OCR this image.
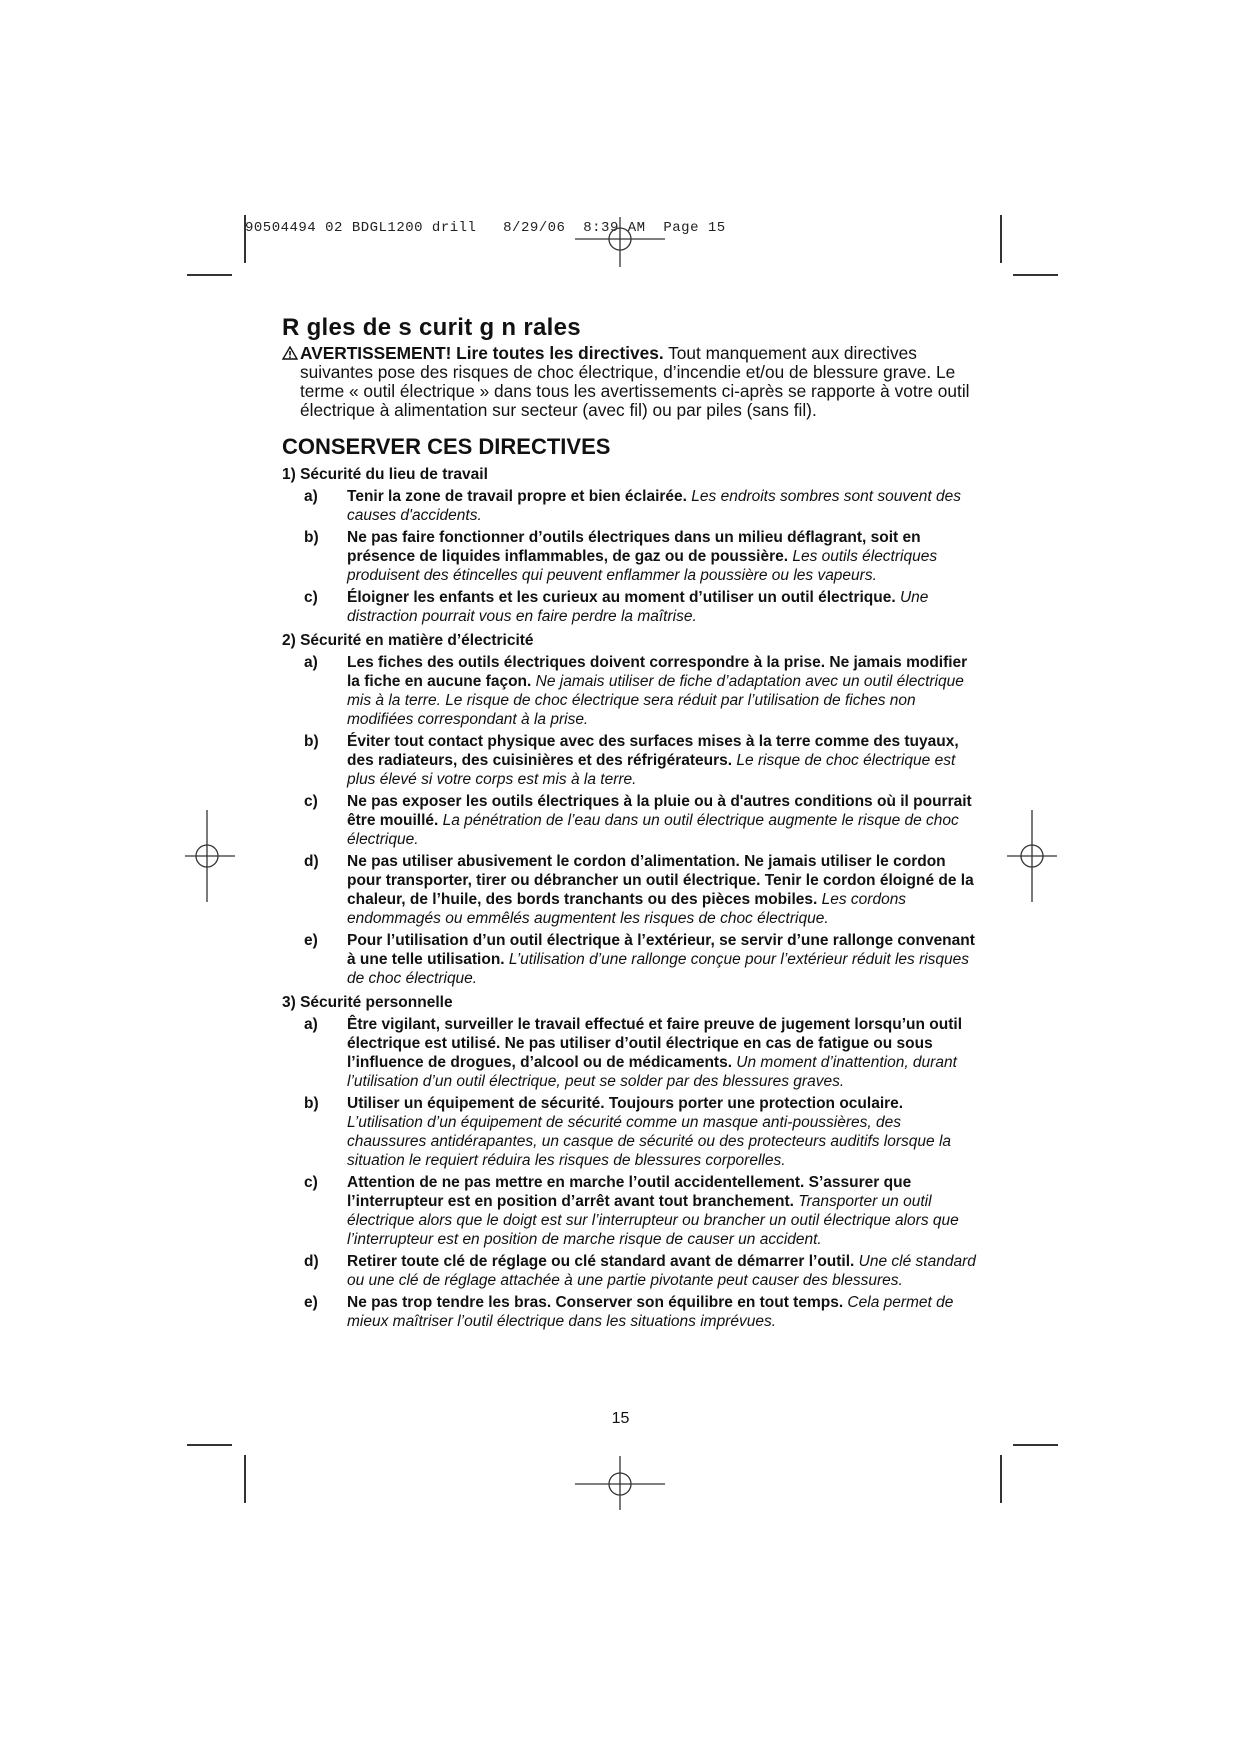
90504494 02 BDGL1200 drill   8/29/06  8:39 AM  Page 15
R gles de s curit g n rales

AVERTISSEMENT! Lire toutes les directives. Tout manquement aux directives suivantes pose des risques de choc électrique, d’incendie et/ou de blessure grave. Le terme « outil électrique » dans tous les avertissements ci-après se rapporte à votre outil électrique à alimentation sur secteur (avec fil) ou par piles (sans fil).

CONSERVER CES DIRECTIVES
1) Sécurité du lieu de travail
a) Tenir la zone de travail propre et bien éclairée. Les endroits sombres sont souvent des causes d'accidents.
b) Ne pas faire fonctionner d’outils électriques dans un milieu déflagrant, soit en présence de liquides inflammables, de gaz ou de poussière. Les outils électriques produisent des étincelles qui peuvent enflammer la poussière ou les vapeurs.
c) Éloigner les enfants et les curieux au moment d’utiliser un outil électrique. Une distraction pourrait vous en faire perdre la maîtrise.
2) Sécurité en matière d’électricité
a) Les fiches des outils électriques doivent correspondre à la prise. Ne jamais modifier la fiche en aucune façon. Ne jamais utiliser de fiche d’adaptation avec un outil électrique mis à la terre. Le risque de choc électrique sera réduit par l’utilisation de fiches non modifiées correspondant à la prise.
b) Éviter tout contact physique avec des surfaces mises à la terre comme des tuyaux, des radiateurs, des cuisinières et des réfrigérateurs. Le risque de choc électrique est plus élevé si votre corps est mis à la terre.
c) Ne pas exposer les outils électriques à la pluie ou à d'autres conditions où il pourrait être mouillé. La pénétration de l’eau dans un outil électrique augmente le risque de choc électrique.
d) Ne pas utiliser abusivement le cordon d’alimentation. Ne jamais utiliser le cordon pour transporter, tirer ou débrancher un outil électrique. Tenir le cordon éloigné de la chaleur, de l’huile, des bords tranchants ou des pièces mobiles. Les cordons endommagés ou emmêlés augmentent les risques de choc électrique.
e) Pour l’utilisation d’un outil électrique à l’extérieur, se servir d’une rallonge convenant à une telle utilisation. L’utilisation d’une rallonge conçue pour l’extérieur réduit les risques de choc électrique.
3) Sécurité personnelle
a) Être vigilant, surveiller le travail effectué et faire preuve de jugement lorsqu’un outil électrique est utilisé. Ne pas utiliser d’outil électrique en cas de fatigue ou sous l’influence de drogues, d’alcool ou de médicaments. Un moment d’inattention, durant l’utilisation d’un outil électrique, peut se solder par des blessures graves.
b) Utiliser un équipement de sécurité. Toujours porter une protection oculaire. L’utilisation d’un équipement de sécurité comme un masque anti-poussières, des chaussures antidérapantes, un casque de sécurité ou des protecteurs auditifs lorsque la situation le requiert réduira les risques de blessures corporelles.
c) Attention de ne pas mettre en marche l’outil accidentellement. S’assurer que l’interrupteur est en position d’arrêt avant tout branchement. Transporter un outil électrique alors que le doigt est sur l’interrupteur ou brancher un outil électrique alors que l’interrupteur est en position de marche risque de causer un accident.
d) Retirer toute clé de réglage ou clé standard avant de démarrer l’outil. Une clé standard ou une clé de réglage attachée à une partie pivotante peut causer des blessures.
e) Ne pas trop tendre les bras. Conserver son équilibre en tout temps. Cela permet de mieux maîtriser l’outil électrique dans les situations imprévues.
15
